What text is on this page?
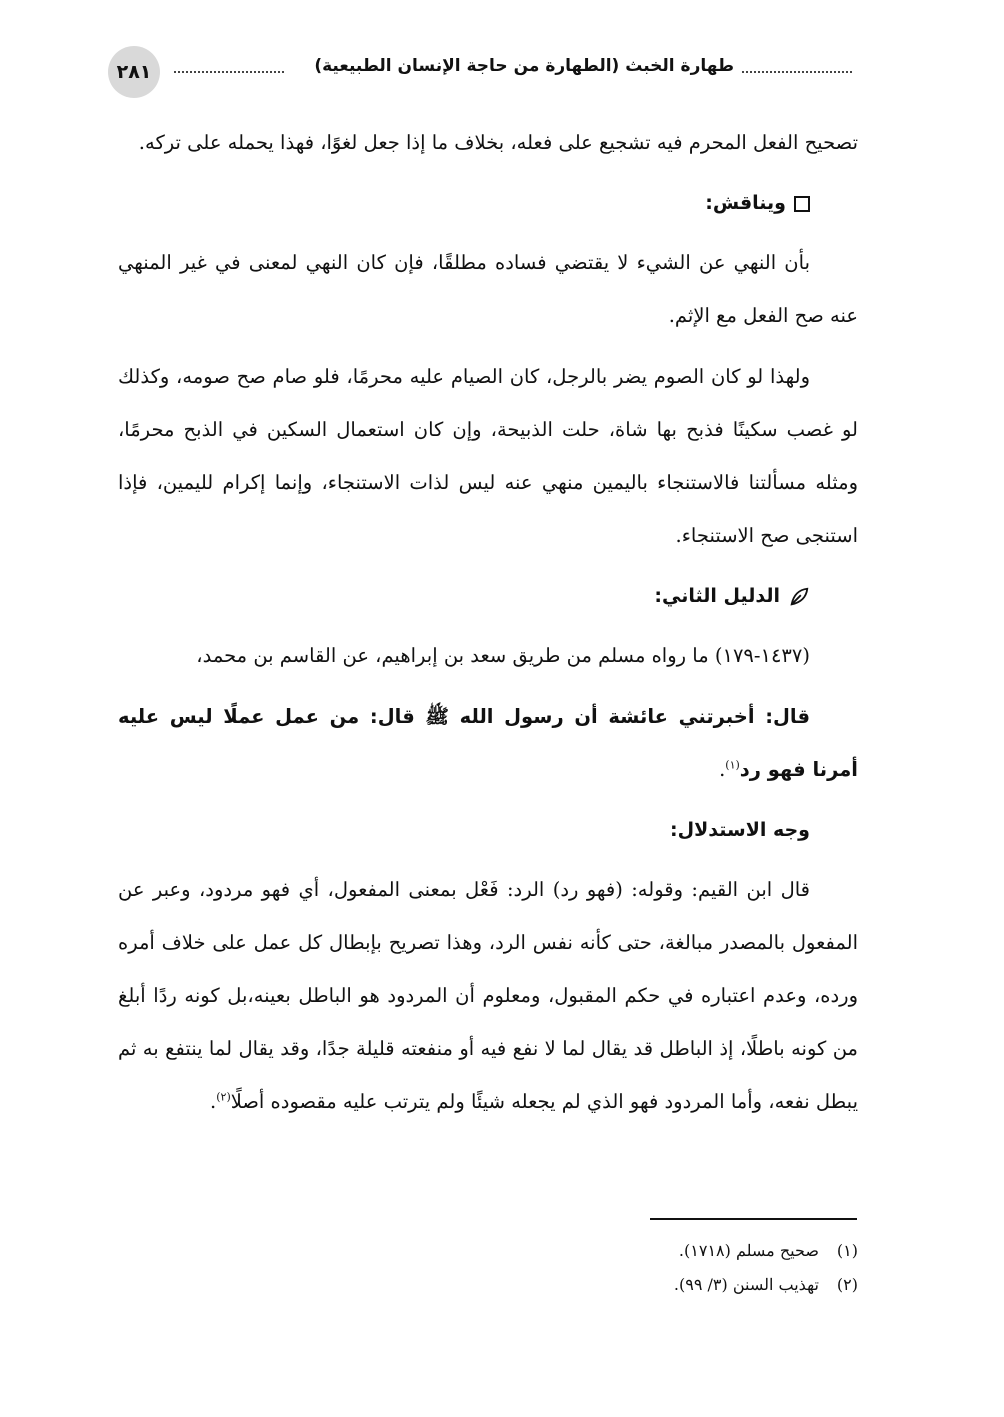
طهارة الخبث (الطهارة من حاجة الإنسان الطبيعية)
٢٨١

تصحيح الفعل المحرم فيه تشجيع على فعله، بخلاف ما إذا جعل لغوًا، فهذا يحمله على تركه.

ويناقش:

بأن النهي عن الشيء لا يقتضي فساده مطلقًا، فإن كان النهي لمعنى في غير المنهي عنه صح الفعل مع الإثم.

ولهذا لو كان الصوم يضر بالرجل، كان الصيام عليه محرمًا، فلو صام صح صومه، وكذلك لو غصب سكينًا فذبح بها شاة، حلت الذبيحة، وإن كان استعمال السكين في الذبح محرمًا، ومثله مسألتنا فالاستنجاء باليمين منهي عنه ليس لذات الاستنجاء، وإنما إكرام لليمين، فإذا استنجى صح الاستنجاء.

الدليل الثاني:

(١٤٣٧-١٧٩) ما رواه مسلم من طريق سعد بن إبراهيم، عن القاسم بن محمد،

قال: أخبرتني عائشة أن رسول الله ﷺ قال: من عمل عملًا ليس عليه أمرنا فهو رد$^{(١)}$.

وجه الاستدلال:

قال ابن القيم: وقوله: (فهو رد) الرد: فَعْل بمعنى المفعول، أي فهو مردود، وعبر عن المفعول بالمصدر مبالغة، حتى كأنه نفس الرد، وهذا تصريح بإبطال كل عمل على خلاف أمره ورده، وعدم اعتباره في حكم المقبول، ومعلوم أن المردود هو الباطل بعينه،بل كونه ردًا أبلغ من كونه باطلًا، إذ الباطل قد يقال لما لا نفع فيه أو منفعته قليلة جدًا، وقد يقال لما ينتفع به ثم يبطل نفعه، وأما المردود فهو الذي لم يجعله شيئًا ولم يترتب عليه مقصوده أصلًا$^{(٢)}$.

(١)
صحيح مسلم (١٧١٨).
(٢)
تهذيب السنن (٣/ ٩٩).
